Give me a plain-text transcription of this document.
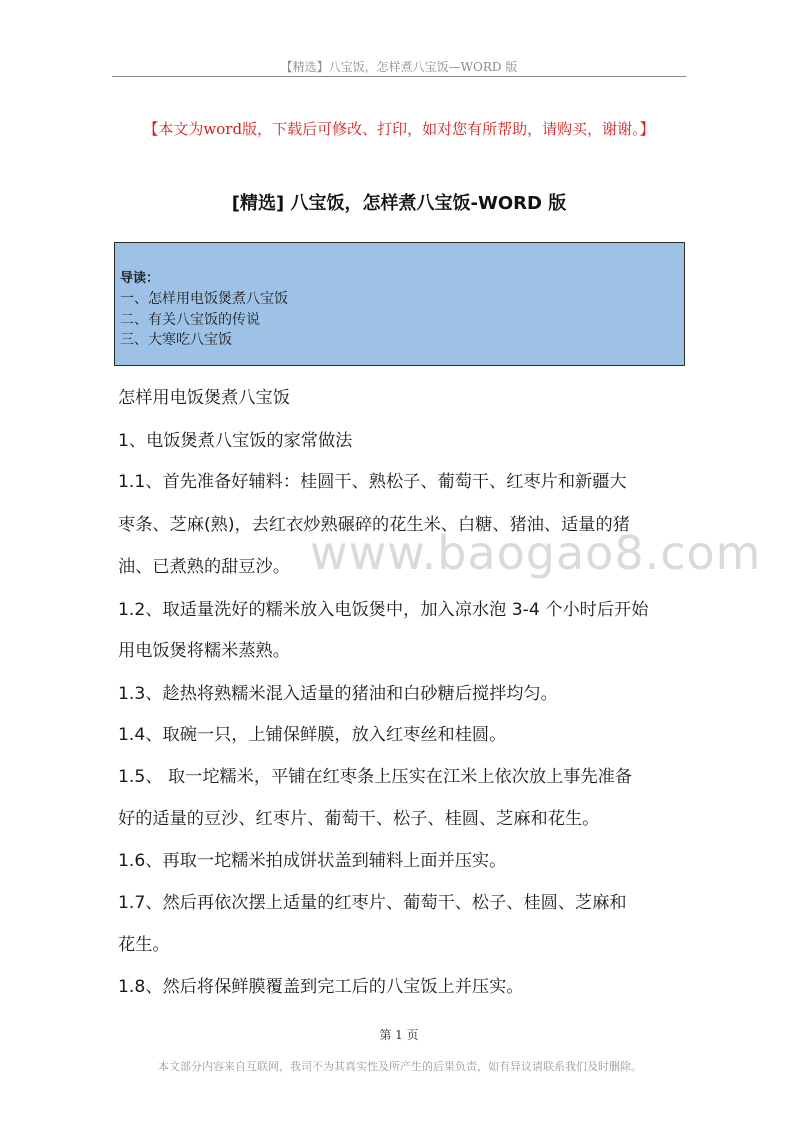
【精选】八宝饭，怎样煮八宝饭—WORD 版
【本文为word版，下载后可修改、打印，如对您有所帮助，请购买，谢谢。】
[精选] 八宝饭，怎样煮八宝饭-WORD 版
导读：
一、怎样用电饭煲煮八宝饭
二、有关八宝饭的传说
三、大寒吃八宝饭
www.baogao8.com
怎样用电饭煲煮八宝饭
1、电饭煲煮八宝饭的家常做法
1.1、首先准备好辅料：桂圆干、熟松子、葡萄干、红枣片和新疆大
枣条、芝麻(熟)，去红衣炒熟碾碎的花生米、白糖、猪油、适量的猪
油、已煮熟的甜豆沙。
1.2、取适量洗好的糯米放入电饭煲中，加入凉水泡 3-4 个小时后开始
用电饭煲将糯米蒸熟。
1.3、趁热将熟糯米混入适量的猪油和白砂糖后搅拌均匀。
1.4、取碗一只，上铺保鲜膜，放入红枣丝和桂圆。
1.5、 取一坨糯米，平铺在红枣条上压实在江米上依次放上事先准备
好的适量的豆沙、红枣片、葡萄干、松子、桂圆、芝麻和花生。
1.6、再取一坨糯米拍成饼状盖到辅料上面并压实。
1.7、然后再依次摆上适量的红枣片、葡萄干、松子、桂圆、芝麻和
花生。
1.8、然后将保鲜膜覆盖到完工后的八宝饭上并压实。
第 1 页
本文部分内容来自互联网，我司不为其真实性及所产生的后果负责，如有异议请联系我们及时删除。
